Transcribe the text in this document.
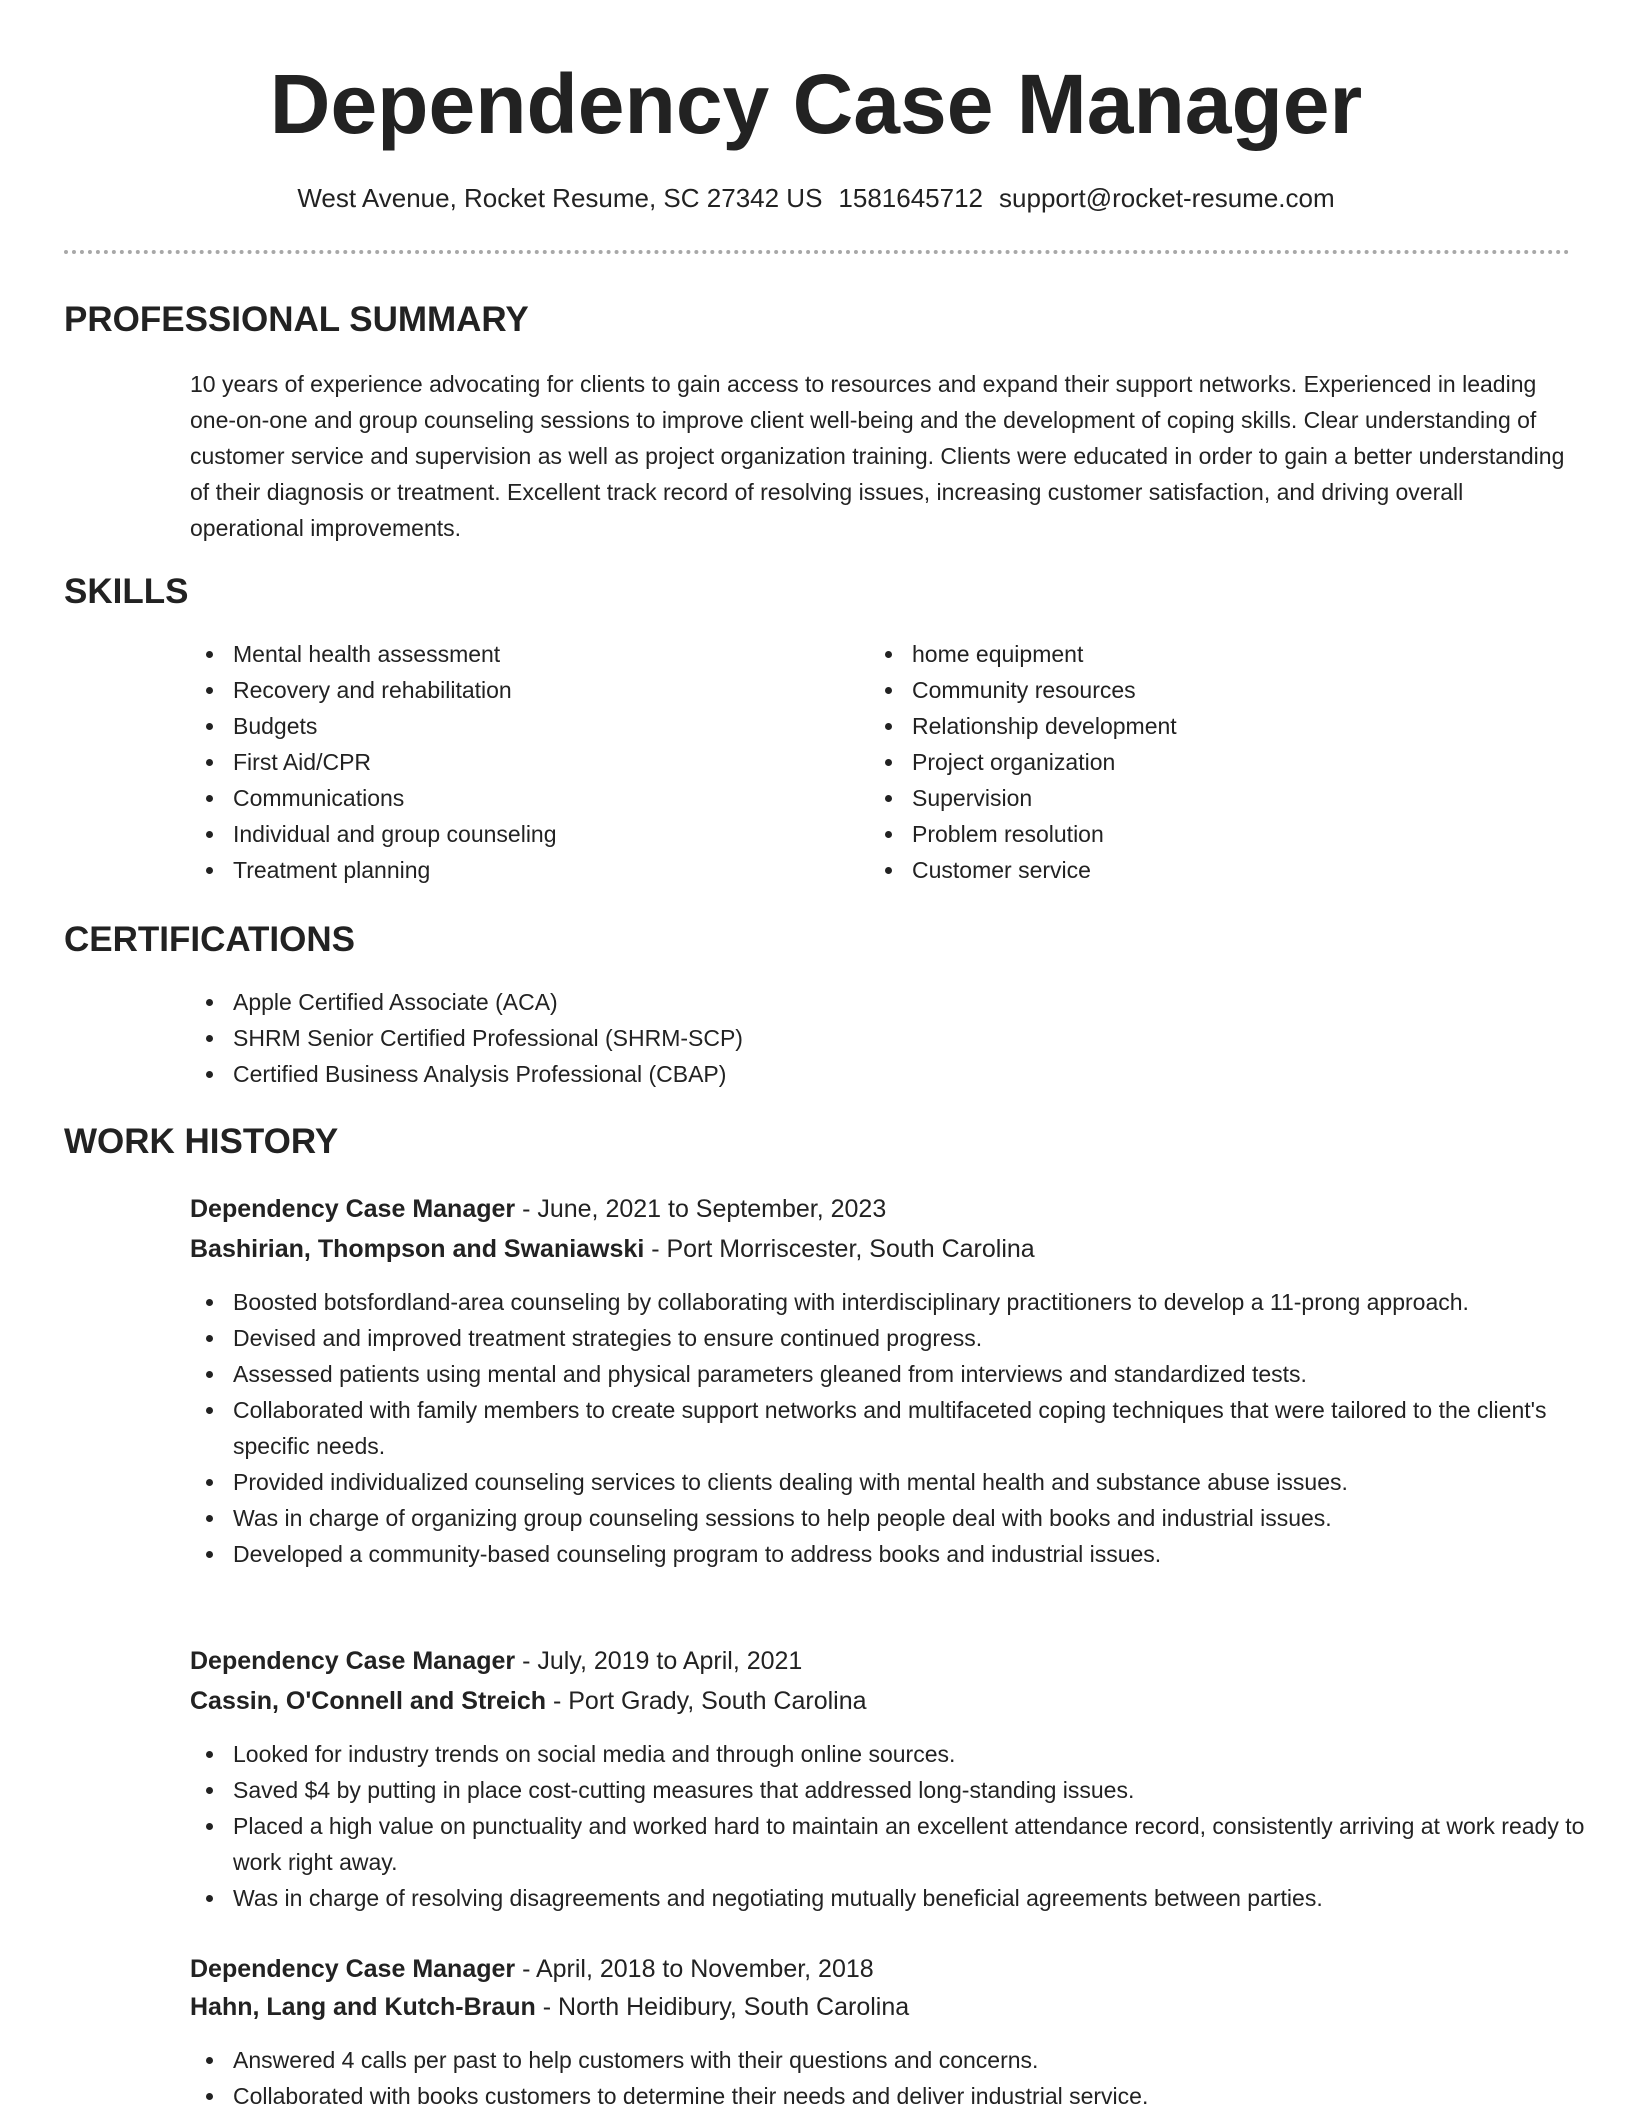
Dependency Case Manager
West Avenue, Rocket Resume, SC 27342 US 1581645712 support@rocket-resume.com
PROFESSIONAL SUMMARY

10 years of experience advocating for clients to gain access to resources and expand their support networks. Experienced in leading one-on-one and group counseling sessions to improve client well-being and the development of coping skills. Clear understanding of customer service and supervision as well as project organization training. Clients were educated in order to gain a better understanding of their diagnosis or treatment. Excellent track record of resolving issues, increasing customer satisfaction, and driving overall operational improvements.

SKILLS
Mental health assessment
Recovery and rehabilitation
Budgets
First Aid/CPR
Communications
Individual and group counseling
Treatment planning
home equipment
Community resources
Relationship development
Project organization
Supervision
Problem resolution
Customer service
CERTIFICATIONS
Apple Certified Associate (ACA)
SHRM Senior Certified Professional (SHRM-SCP)
Certified Business Analysis Professional (CBAP)
WORK HISTORY
Dependency Case Manager - June, 2021 to September, 2023
Bashirian, Thompson and Swaniawski - Port Morriscester, South Carolina
Boosted botsfordland-area counseling by collaborating with interdisciplinary practitioners to develop a 11-prong approach.
Devised and improved treatment strategies to ensure continued progress.
Assessed patients using mental and physical parameters gleaned from interviews and standardized tests.
Collaborated with family members to create support networks and multifaceted coping techniques that were tailored to the client's specific needs.
Provided individualized counseling services to clients dealing with mental health and substance abuse issues.
Was in charge of organizing group counseling sessions to help people deal with books and industrial issues.
Developed a community-based counseling program to address books and industrial issues.
Dependency Case Manager - July, 2019 to April, 2021
Cassin, O'Connell and Streich - Port Grady, South Carolina
Looked for industry trends on social media and through online sources.
Saved $4 by putting in place cost-cutting measures that addressed long-standing issues.
Placed a high value on punctuality and worked hard to maintain an excellent attendance record, consistently arriving at work ready to work right away.
Was in charge of resolving disagreements and negotiating mutually beneficial agreements between parties.
Dependency Case Manager - April, 2018 to November, 2018
Hahn, Lang and Kutch-Braun - North Heidibury, South Carolina
Answered 4 calls per past to help customers with their questions and concerns.
Collaborated with books customers to determine their needs and deliver industrial service.
